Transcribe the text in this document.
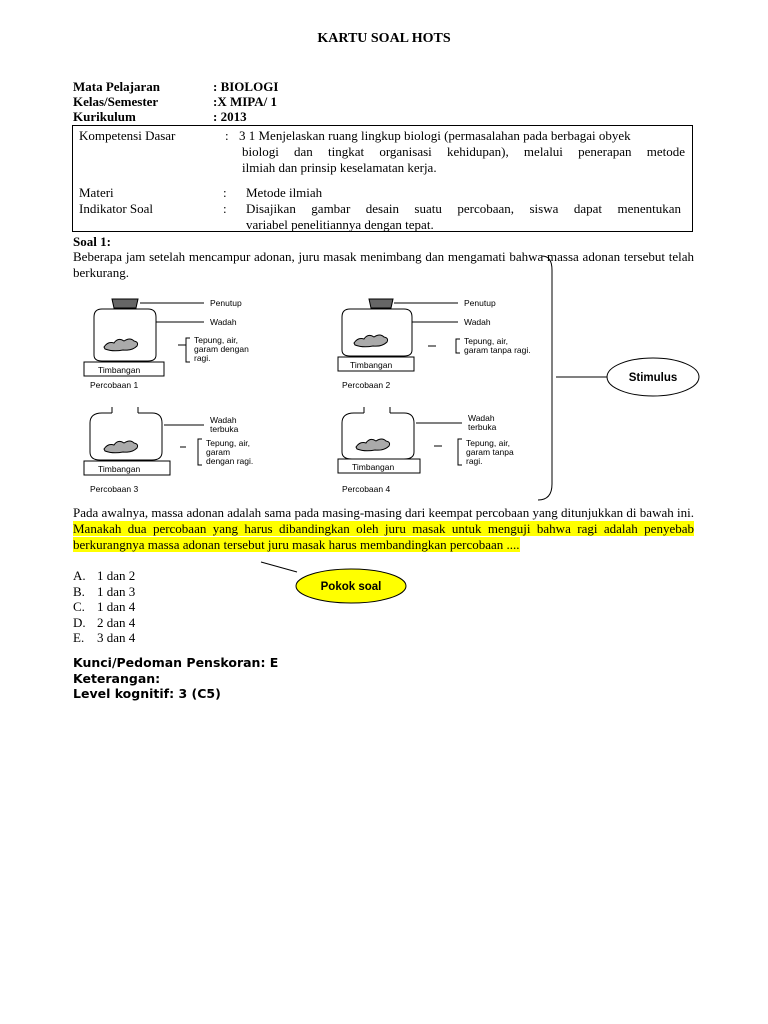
KARTU SOAL HOTS
Mata Pelajaran	: BIOLOGI
Kelas/Semester	:X MIPA/ 1
Kurikulum	: 2013
Kompetensi Dasar	: 3 1 Menjelaskan ruang lingkup biologi (permasalahan pada berbagai obyek
biologi dan tingkat organisasi kehidupan), melalui penerapan metode
ilmiah dan prinsip keselamatan kerja.
Materi	: Metode ilmiah
Indikator Soal	: Disajikan gambar desain suatu percobaan, siswa dapat menentukan
variabel penelitiannya dengan tepat.
Soal 1:
Beberapa jam setelah mencampur adonan, juru masak menimbang dan mengamati bahwa massa adonan tersebut telah berkurang.
Penutup
Wadah
Tepung, air,
garam dengan
ragi.
Timbangan
Percobaan 1
Penutup
Wadah
Tepung, air,
garam tanpa ragi.
Timbangan
Percobaan 2
Wadah
terbuka
Tepung, air,
garam
dengan ragi.
Timbangan
Percobaan 3
Wadah
terbuka
Tepung, air,
garam tanpa
ragi.
Timbangan
Percobaan 4
Stimulus
Pada awalnya, massa adonan adalah sama pada masing-masing dari keempat percobaan yang ditunjukkan di bawah ini. Manakah dua percobaan yang harus dibandingkan oleh juru masak untuk menguji bahwa ragi adalah penyebab berkurangnya massa adonan tersebut juru masak harus membandingkan percobaan ....
Pokok soal
A. 1 dan 2
B. 1 dan 3
C. 1 dan 4
D. 2 dan 4
E. 3 dan 4
Kunci/Pedoman Penskoran: E
Keterangan:
Level kognitif: 3 (C5)
